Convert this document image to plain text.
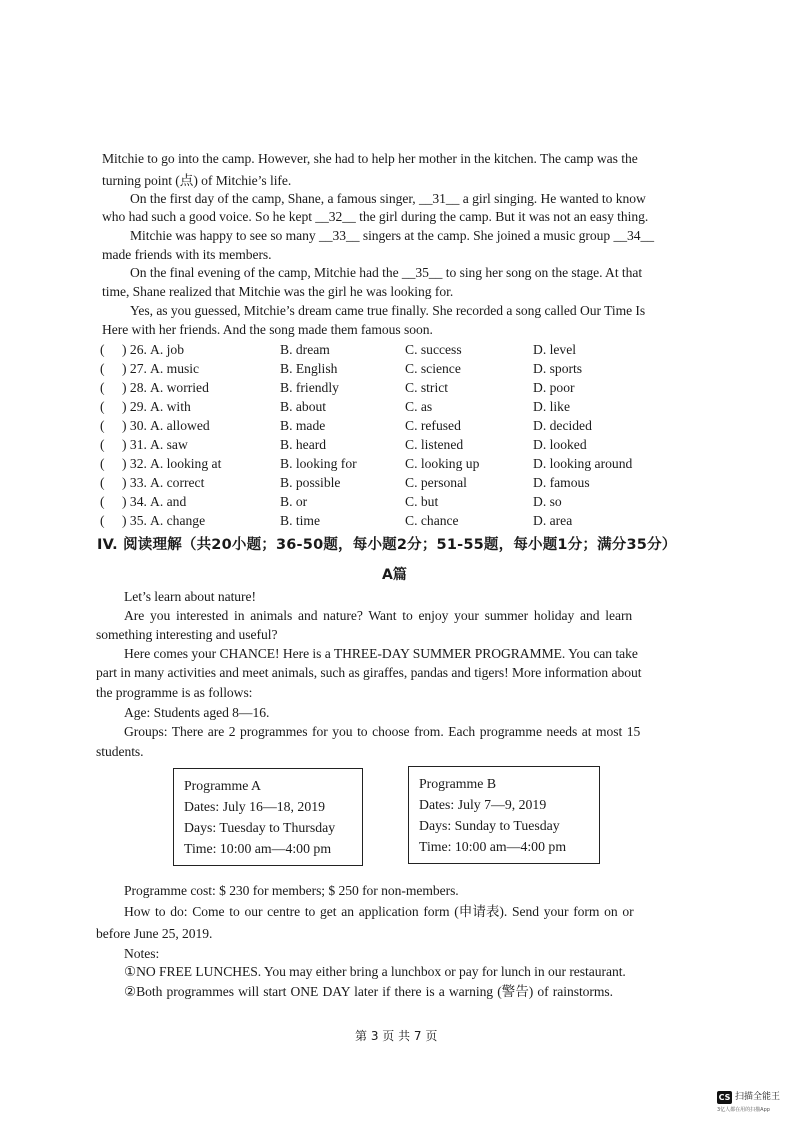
Mitchie to go into the camp. However, she had to help her mother in the kitchen. The camp was the
turning point (点) of Mitchie’s life.
On the first day of the camp, Shane, a famous singer, __31__ a girl singing. He wanted to know
who had such a good voice. So he kept __32__ the girl during the camp. But it was not an easy thing.
Mitchie was happy to see so many __33__ singers at the camp. She joined a music group __34__
made friends with its members.
On the final evening of the camp, Mitchie had the __35__ to sing her song on the stage. At that
time, Shane realized that Mitchie was the girl he was looking for.
Yes, as you guessed, Mitchie’s dream came true finally. She recorded a song called Our Time Is
Here with her friends. And the song made them famous soon.
( ) 26. A. job	B. dream	C. success	D. level
( ) 27. A. music	B. English	C. science	D. sports
( ) 28. A. worried	B. friendly	C. strict	D. poor
( ) 29. A. with	B. about	C. as	D. like
( ) 30. A. allowed	B. made	C. refused	D. decided
( ) 31. A. saw	B. heard	C. listened	D. looked
( ) 32. A. looking at	B. looking for	C. looking up	D. looking around
( ) 33. A. correct	B. possible	C. personal	D. famous
( ) 34. A. and	B. or	C. but	D. so
( ) 35. A. change	B. time	C. chance	D. area
IV. 阅读理解（共20小题；36-50题，每小题2分；51-55题，每小题1分；满分35分）
A篇
Let’s learn about nature!
Are you interested in animals and nature? Want to enjoy your summer holiday and learn
something interesting and useful?
Here comes your CHANCE! Here is a THREE-DAY SUMMER PROGRAMME. You can take
part in many activities and meet animals, such as giraffes, pandas and tigers! More information about
the programme is as follows:
Age: Students aged 8—16.
Groups: There are 2 programmes for you to choose from. Each programme needs at most 15
students.
Programme A
Dates: July 16—18, 2019
Days: Tuesday to Thursday
Time: 10:00 am—4:00 pm
Programme B
Dates: July 7—9, 2019
Days: Sunday to Tuesday
Time: 10:00 am—4:00 pm
Programme cost: $ 230 for members; $ 250 for non-members.
How to do: Come to our centre to get an application form (申请表). Send your form on or
before June 25, 2019.
Notes:
①NO FREE LUNCHES. You may either bring a lunchbox or pay for lunch in our restaurant.
②Both programmes will start ONE DAY later if there is a warning (警告) of rainstorms.
第 3 页 共 7 页
CS 扫描全能王
3亿人都在用的扫描App
